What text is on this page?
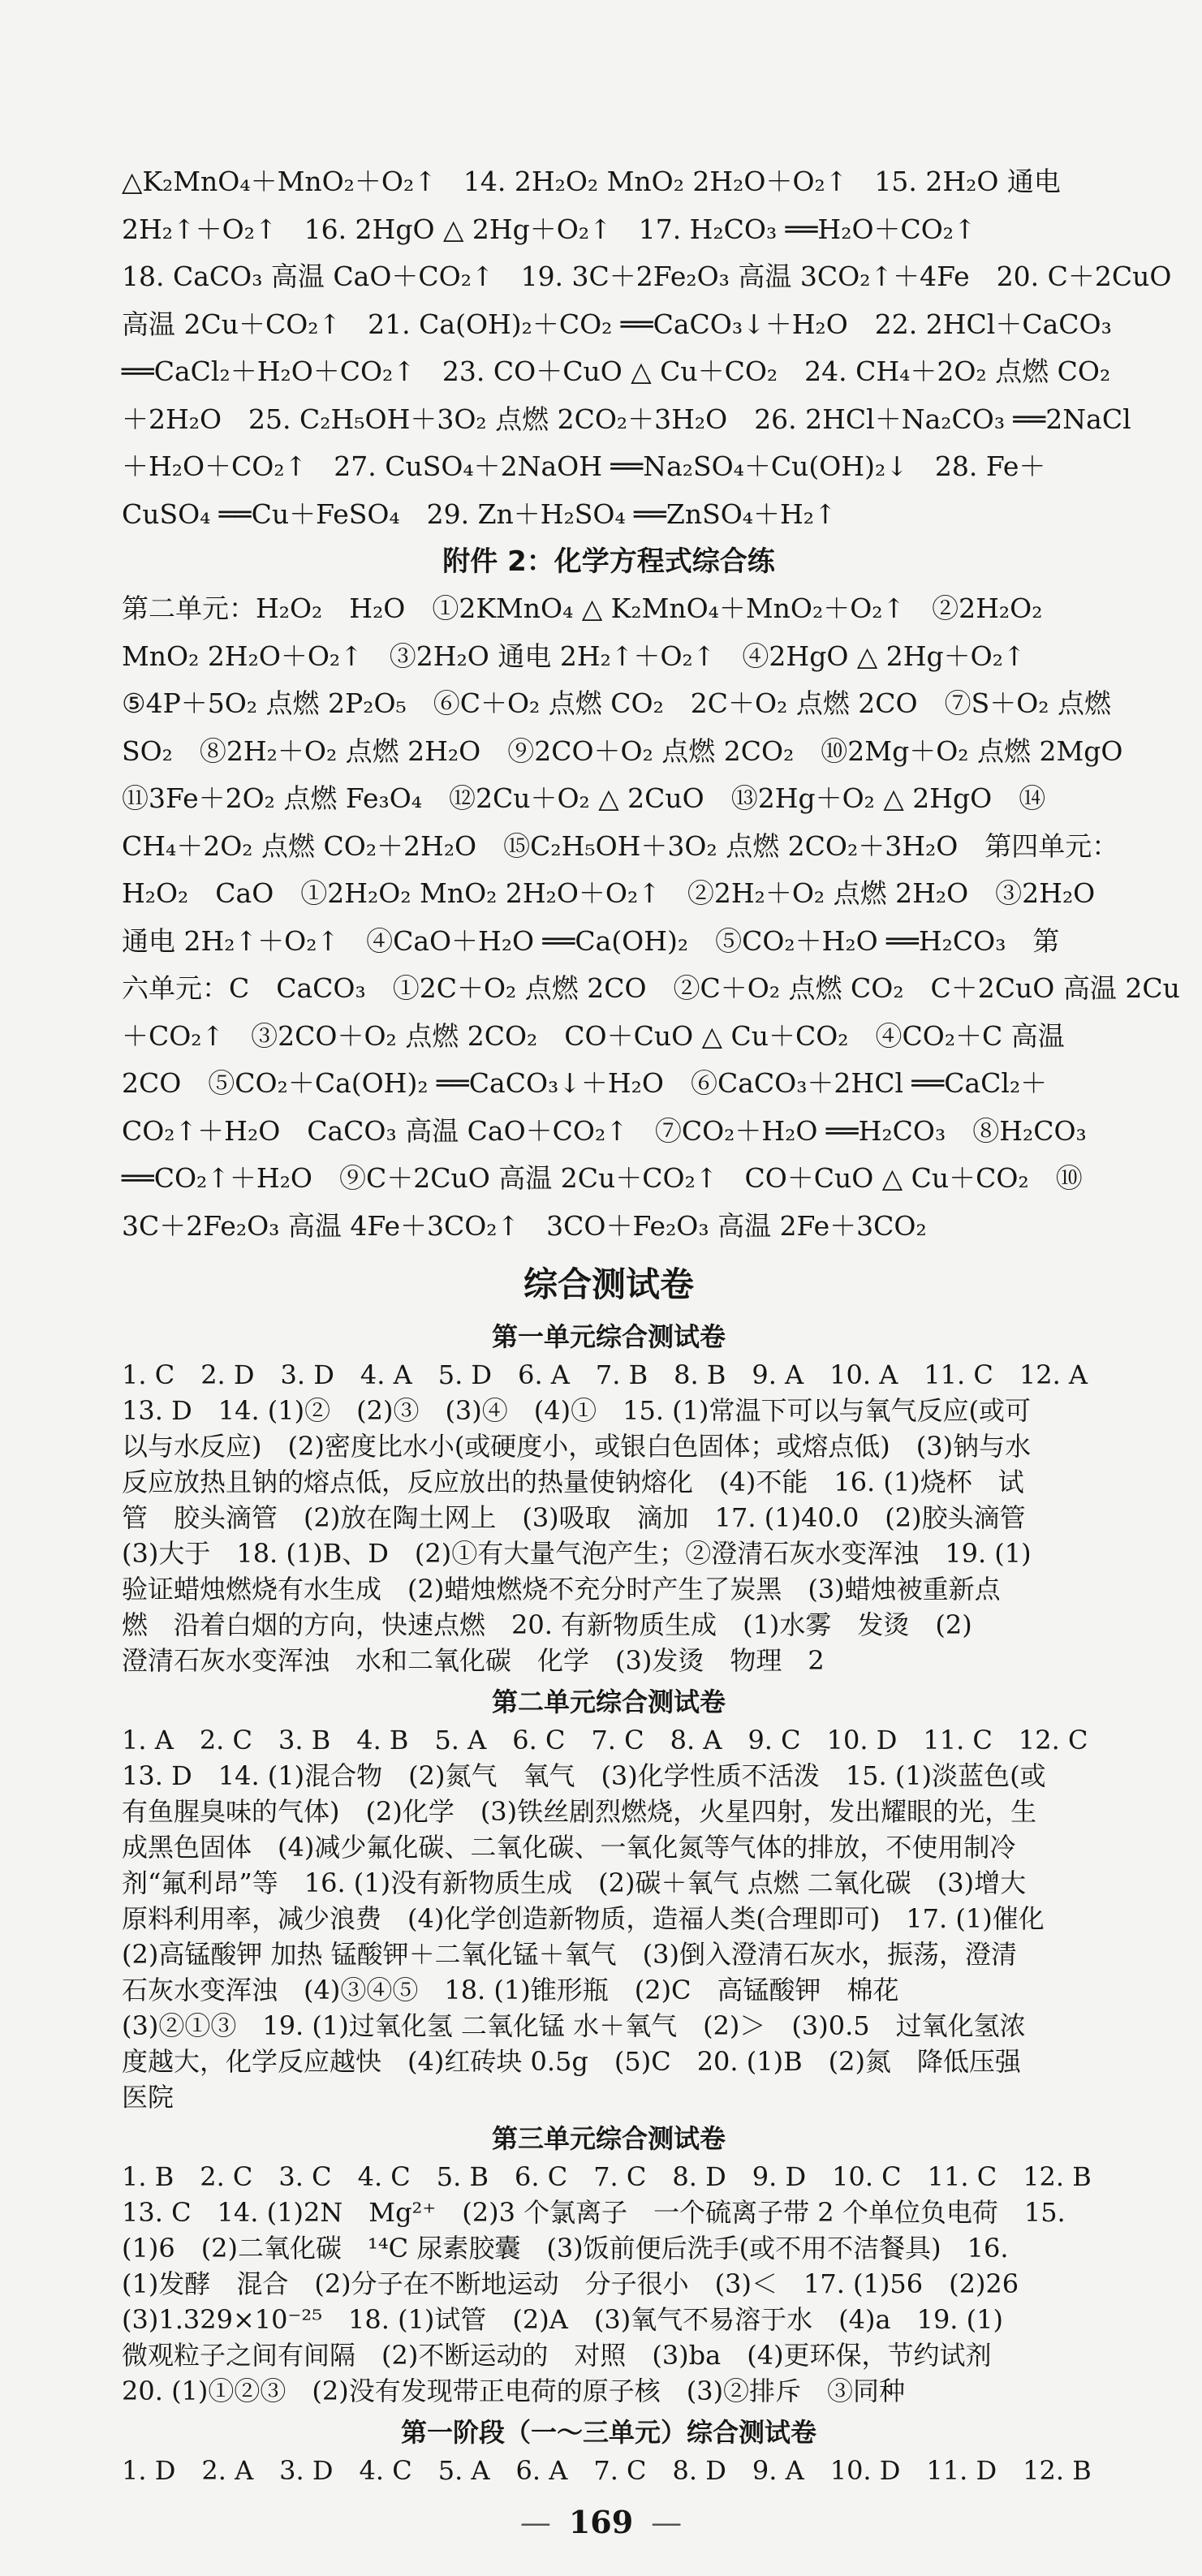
△K₂MnO₄＋MnO₂＋O₂↑　14. 2H₂O₂ MnO₂ 2H₂O＋O₂↑　15. 2H₂O 通电
2H₂↑＋O₂↑　16. 2HgO △ 2Hg＋O₂↑　17. H₂CO₃ ══H₂O＋CO₂↑
18. CaCO₃ 高温 CaO＋CO₂↑　19. 3C＋2Fe₂O₃ 高温 3CO₂↑＋4Fe　20. C＋2CuO
高温 2Cu＋CO₂↑　21. Ca(OH)₂＋CO₂ ══CaCO₃↓＋H₂O　22. 2HCl＋CaCO₃
══CaCl₂＋H₂O＋CO₂↑　23. CO＋CuO △ Cu＋CO₂　24. CH₄＋2O₂ 点燃 CO₂
＋2H₂O　25. C₂H₅OH＋3O₂ 点燃 2CO₂＋3H₂O　26. 2HCl＋Na₂CO₃ ══2NaCl
＋H₂O＋CO₂↑　27. CuSO₄＋2NaOH ══Na₂SO₄＋Cu(OH)₂↓　28. Fe＋
CuSO₄ ══Cu＋FeSO₄　29. Zn＋H₂SO₄ ══ZnSO₄＋H₂↑
附件 2：化学方程式综合练
第二单元：H₂O₂　H₂O　①2KMnO₄ △ K₂MnO₄＋MnO₂＋O₂↑　②2H₂O₂
MnO₂ 2H₂O＋O₂↑　③2H₂O 通电 2H₂↑＋O₂↑　④2HgO △ 2Hg＋O₂↑
⑤4P＋5O₂ 点燃 2P₂O₅　⑥C＋O₂ 点燃 CO₂　2C＋O₂ 点燃 2CO　⑦S＋O₂ 点燃
SO₂　⑧2H₂＋O₂ 点燃 2H₂O　⑨2CO＋O₂ 点燃 2CO₂　⑩2Mg＋O₂ 点燃 2MgO
⑪3Fe＋2O₂ 点燃 Fe₃O₄　⑫2Cu＋O₂ △ 2CuO　⑬2Hg＋O₂ △ 2HgO　⑭
CH₄＋2O₂ 点燃 CO₂＋2H₂O　⑮C₂H₅OH＋3O₂ 点燃 2CO₂＋3H₂O　第四单元：
H₂O₂　CaO　①2H₂O₂ MnO₂ 2H₂O＋O₂↑　②2H₂＋O₂ 点燃 2H₂O　③2H₂O
通电 2H₂↑＋O₂↑　④CaO＋H₂O ══Ca(OH)₂　⑤CO₂＋H₂O ══H₂CO₃　第
六单元：C　CaCO₃　①2C＋O₂ 点燃 2CO　②C＋O₂ 点燃 CO₂　C＋2CuO 高温 2Cu
＋CO₂↑　③2CO＋O₂ 点燃 2CO₂　CO＋CuO △ Cu＋CO₂　④CO₂＋C 高温
2CO　⑤CO₂＋Ca(OH)₂ ══CaCO₃↓＋H₂O　⑥CaCO₃＋2HCl ══CaCl₂＋
CO₂↑＋H₂O　CaCO₃ 高温 CaO＋CO₂↑　⑦CO₂＋H₂O ══H₂CO₃　⑧H₂CO₃
══CO₂↑＋H₂O　⑨C＋2CuO 高温 2Cu＋CO₂↑　CO＋CuO △ Cu＋CO₂　⑩
3C＋2Fe₂O₃ 高温 4Fe＋3CO₂↑　3CO＋Fe₂O₃ 高温 2Fe＋3CO₂
综合测试卷
第一单元综合测试卷
1. C　2. D　3. D　4. A　5. D　6. A　7. B　8. B　9. A　10. A　11. C　12. A
13. D　14. (1)②　(2)③　(3)④　(4)①　15. (1)常温下可以与氧气反应(或可
以与水反应)　(2)密度比水小(或硬度小，或银白色固体；或熔点低)　(3)钠与水
反应放热且钠的熔点低，反应放出的热量使钠熔化　(4)不能　16. (1)烧杯　试
管　胶头滴管　(2)放在陶土网上　(3)吸取　滴加　17. (1)40.0　(2)胶头滴管
(3)大于　18. (1)B、D　(2)①有大量气泡产生；②澄清石灰水变浑浊　19. (1)
验证蜡烛燃烧有水生成　(2)蜡烛燃烧不充分时产生了炭黑　(3)蜡烛被重新点
燃　沿着白烟的方向，快速点燃　20. 有新物质生成　(1)水雾　发烫　(2)
澄清石灰水变浑浊　水和二氧化碳　化学　(3)发烫　物理　2
第二单元综合测试卷
1. A　2. C　3. B　4. B　5. A　6. C　7. C　8. A　9. C　10. D　11. C　12. C
13. D　14. (1)混合物　(2)氮气　氧气　(3)化学性质不活泼　15. (1)淡蓝色(或
有鱼腥臭味的气体)　(2)化学　(3)铁丝剧烈燃烧，火星四射，发出耀眼的光，生
成黑色固体　(4)减少氟化碳、二氧化碳、一氧化氮等气体的排放，不使用制冷
剂“氟利昂”等　16. (1)没有新物质生成　(2)碳＋氧气 点燃 二氧化碳　(3)增大
原料利用率，减少浪费　(4)化学创造新物质，造福人类(合理即可)　17. (1)催化
(2)高锰酸钾 加热 锰酸钾＋二氧化锰＋氧气　(3)倒入澄清石灰水，振荡，澄清
石灰水变浑浊　(4)③④⑤　18. (1)锥形瓶　(2)C　高锰酸钾　棉花
(3)②①③　19. (1)过氧化氢 二氧化锰 水＋氧气　(2)＞　(3)0.5　过氧化氢浓
度越大，化学反应越快　(4)红砖块 0.5g　(5)C　20. (1)B　(2)氮　降低压强
医院
第三单元综合测试卷
1. B　2. C　3. C　4. C　5. B　6. C　7. C　8. D　9. D　10. C　11. C　12. B
13. C　14. (1)2N　Mg²⁺　(2)3 个氯离子　一个硫离子带 2 个单位负电荷　15.
(1)6　(2)二氧化碳　¹⁴C 尿素胶囊　(3)饭前便后洗手(或不用不洁餐具)　16.
(1)发酵　混合　(2)分子在不断地运动　分子很小　(3)＜　17. (1)56　(2)26
(3)1.329×10⁻²⁵　18. (1)试管　(2)A　(3)氧气不易溶于水　(4)a　19. (1)
微观粒子之间有间隔　(2)不断运动的　对照　(3)ba　(4)更环保，节约试剂
20. (1)①②③　(2)没有发现带正电荷的原子核　(3)②排斥　③同种
第一阶段（一～三单元）综合测试卷
1. D　2. A　3. D　4. C　5. A　6. A　7. C　8. D　9. A　10. D　11. D　12. B
— 169 —
